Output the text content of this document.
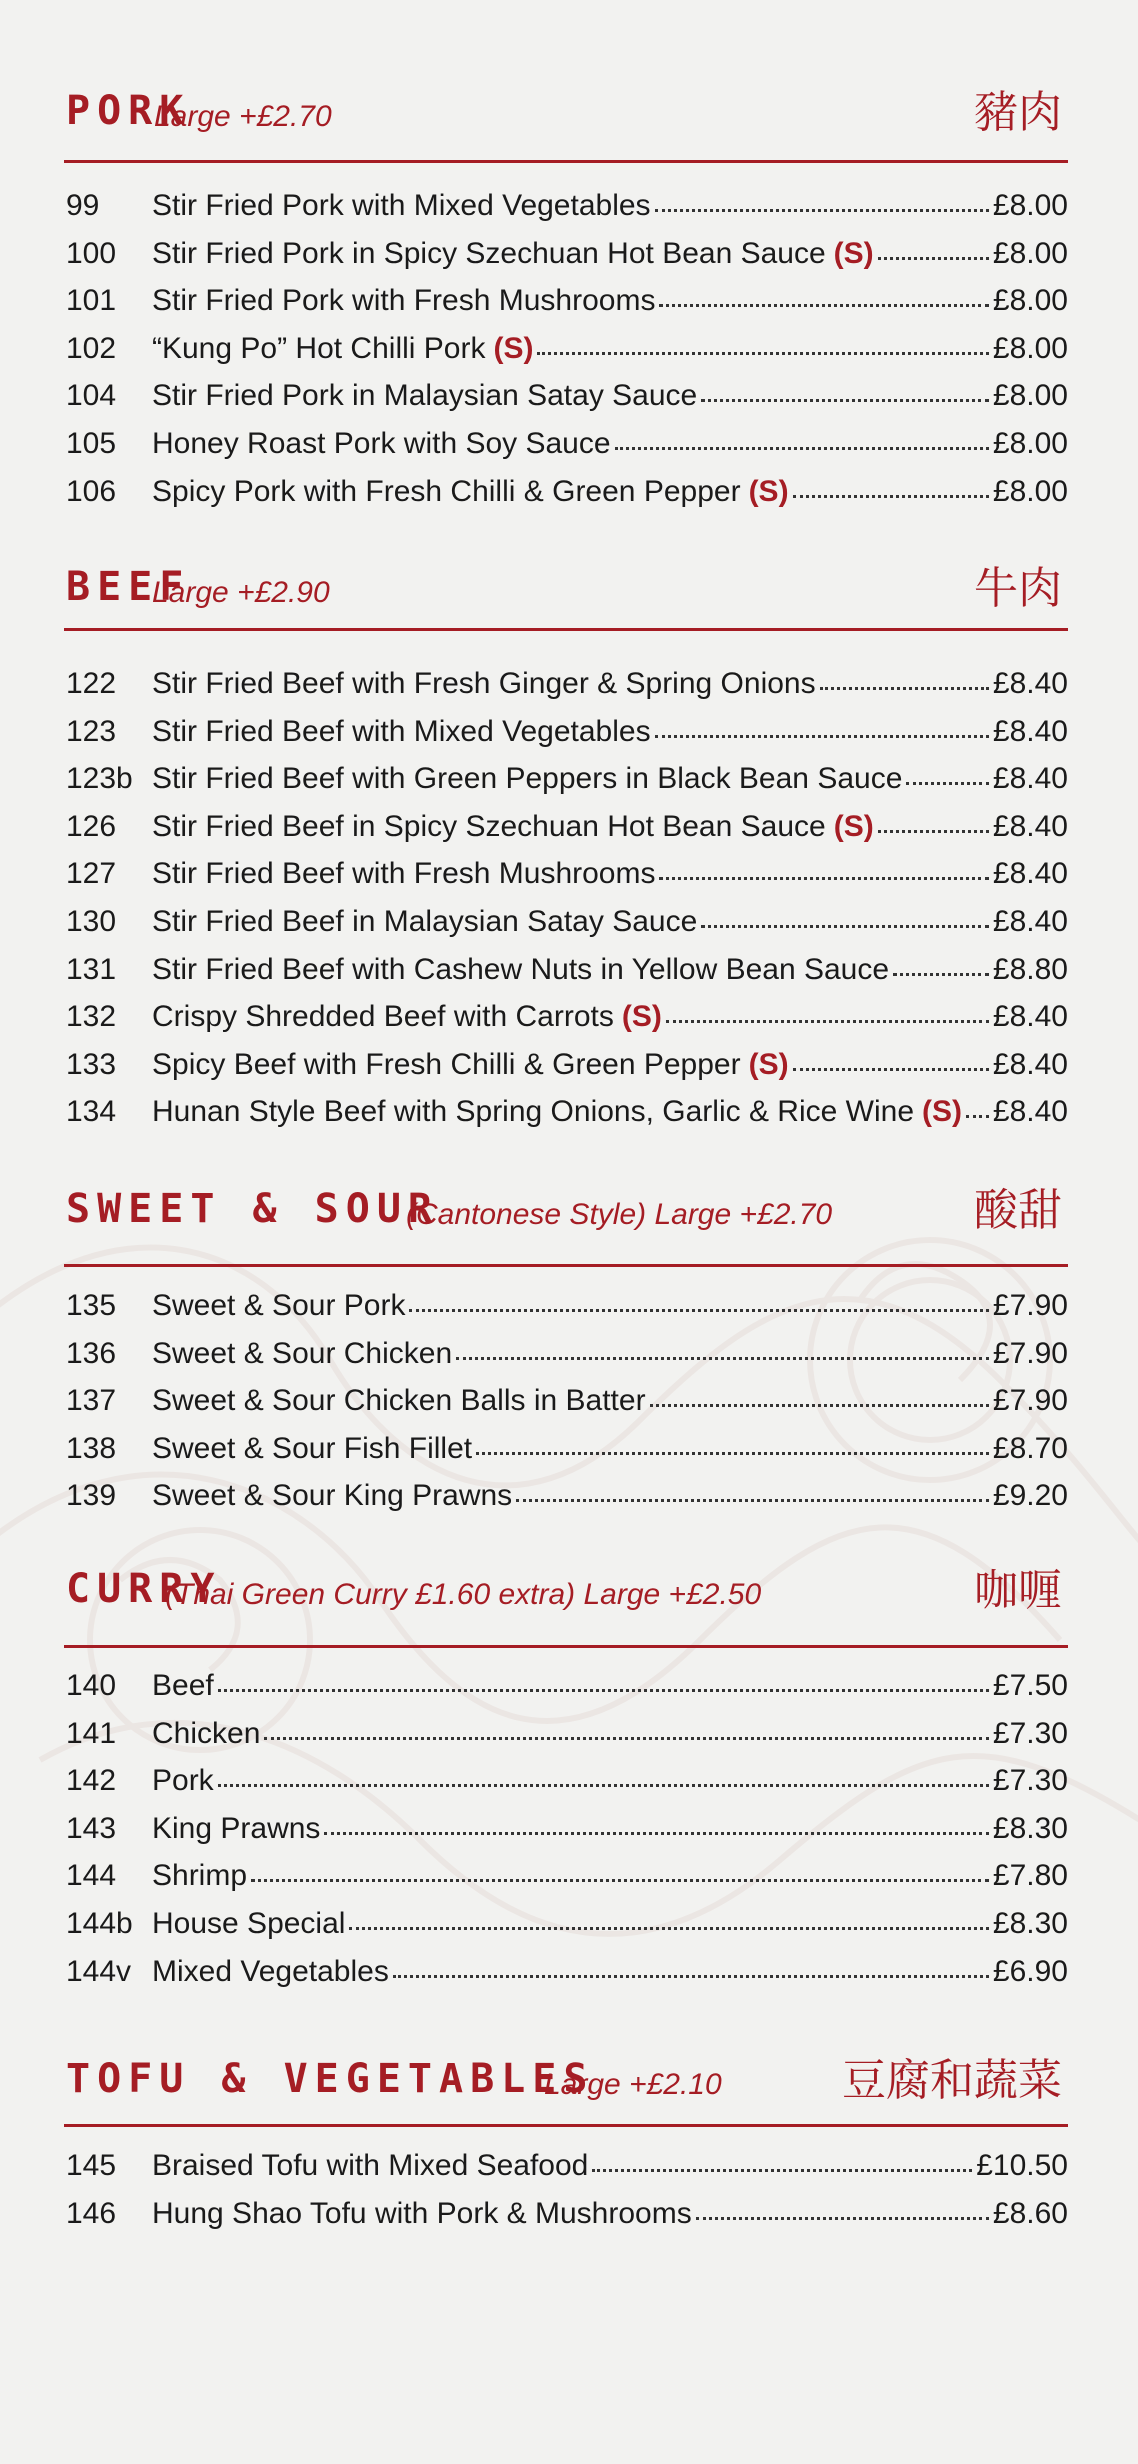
PORK
Large +£2.70	豬肉
99	Stir Fried Pork with Mixed Vegetables	£8.00
100	Stir Fried Pork in Spicy Szechuan Hot Bean Sauce (S)	£8.00
101	Stir Fried Pork with Fresh Mushrooms	£8.00
102	“Kung Po” Hot Chilli Pork (S)	£8.00
104	Stir Fried Pork in Malaysian Satay Sauce	£8.00
105	Honey Roast Pork with Soy Sauce	£8.00
106	Spicy Pork with Fresh Chilli & Green Pepper (S)	£8.00
BEEF
Large +£2.90	牛肉
122	Stir Fried Beef with Fresh Ginger & Spring Onions	£8.40
123	Stir Fried Beef with Mixed Vegetables	£8.40
123b Stir Fried Beef with Green Peppers in Black Bean Sauce	£8.40
126	Stir Fried Beef in Spicy Szechuan Hot Bean Sauce (S)	£8.40
127	Stir Fried Beef with Fresh Mushrooms	£8.40
130	Stir Fried Beef in Malaysian Satay Sauce	£8.40
131	Stir Fried Beef with Cashew Nuts in Yellow Bean Sauce	£8.80
132	Crispy Shredded Beef with Carrots (S)	£8.40
133	Spicy Beef with Fresh Chilli & Green Pepper (S)	£8.40
134	Hunan Style Beef with Spring Onions, Garlic & Rice Wine (S) £8.40
SWEET & SOUR
(Cantonese Style) Large +£2.70	酸甜
135	Sweet & Sour Pork	£7.90
136	Sweet & Sour Chicken	£7.90
137	Sweet & Sour Chicken Balls in Batter	£7.90
138	Sweet & Sour Fish Fillet	£8.70
139	Sweet & Sour King Prawns	£9.20
CURRY
(Thai Green Curry £1.60 extra) Large +£2.50	咖喱
140	Beef	£7.50
141	Chicken	£7.30
142	Pork	£7.30
143	King Prawns	£8.30
144	Shrimp	£7.80
144b House Special	£8.30
144v Mixed Vegetables	£6.90
TOFU & VEGETABLES
Large +£2.10	豆腐和蔬菜
145	Braised Tofu with Mixed Seafood	£10.50
146	Hung Shao Tofu with Pork & Mushrooms	£8.60
